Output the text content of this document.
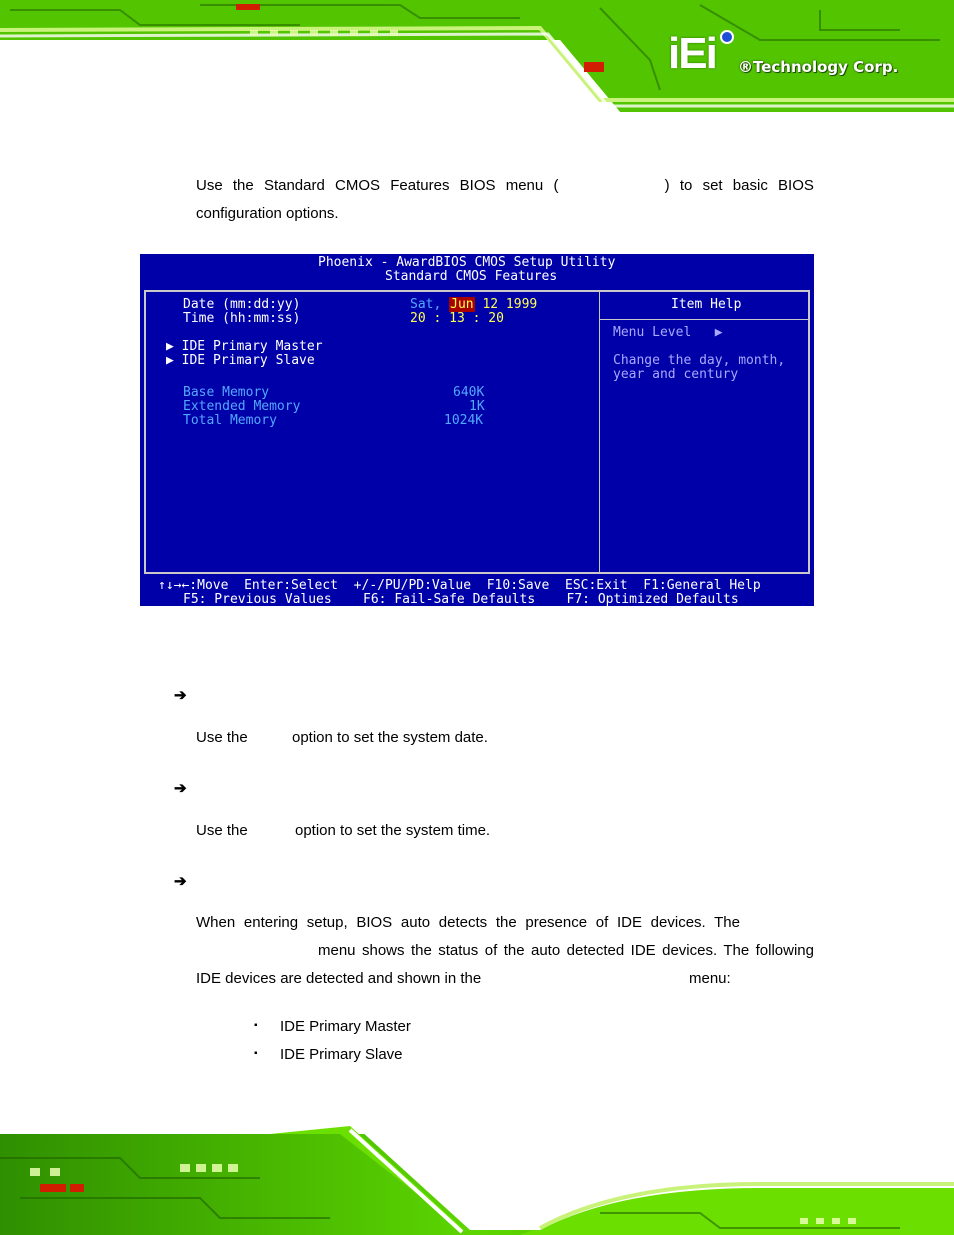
iEi ®Technology Corp.
Use the Standard CMOS Features BIOS menu (	) to set basic BIOS
configuration options.
Phoenix - AwardBIOS CMOS Setup Utility
Standard CMOS Features
Date (mm:dd:yy)	Sat, Jun 12 1999
Time (hh:mm:ss)	20 : 13 : 20
▶ IDE Primary Master
▶ IDE Primary Slave
Base Memory	640K
Extended Memory	1K
Total Memory	1024K
Item Help
Menu Level   ▶
Change the day, month,
year and century
↑↓→←:Move  Enter:Select  +/-/PU/PD:Value  F10:Save  ESC:Exit  F1:General Help
F5: Previous Values    F6: Fail-Safe Defaults    F7: Optimized Defaults
➔
Use the	option to set the system date.
➔
Use the	option to set the system time.
➔
When entering setup, BIOS auto detects the presence of IDE devices. The
menu shows the status of the auto detected IDE devices. The following
IDE devices are detected and shown in the	menu:
▪ IDE Primary Master
▪ IDE Primary Slave
